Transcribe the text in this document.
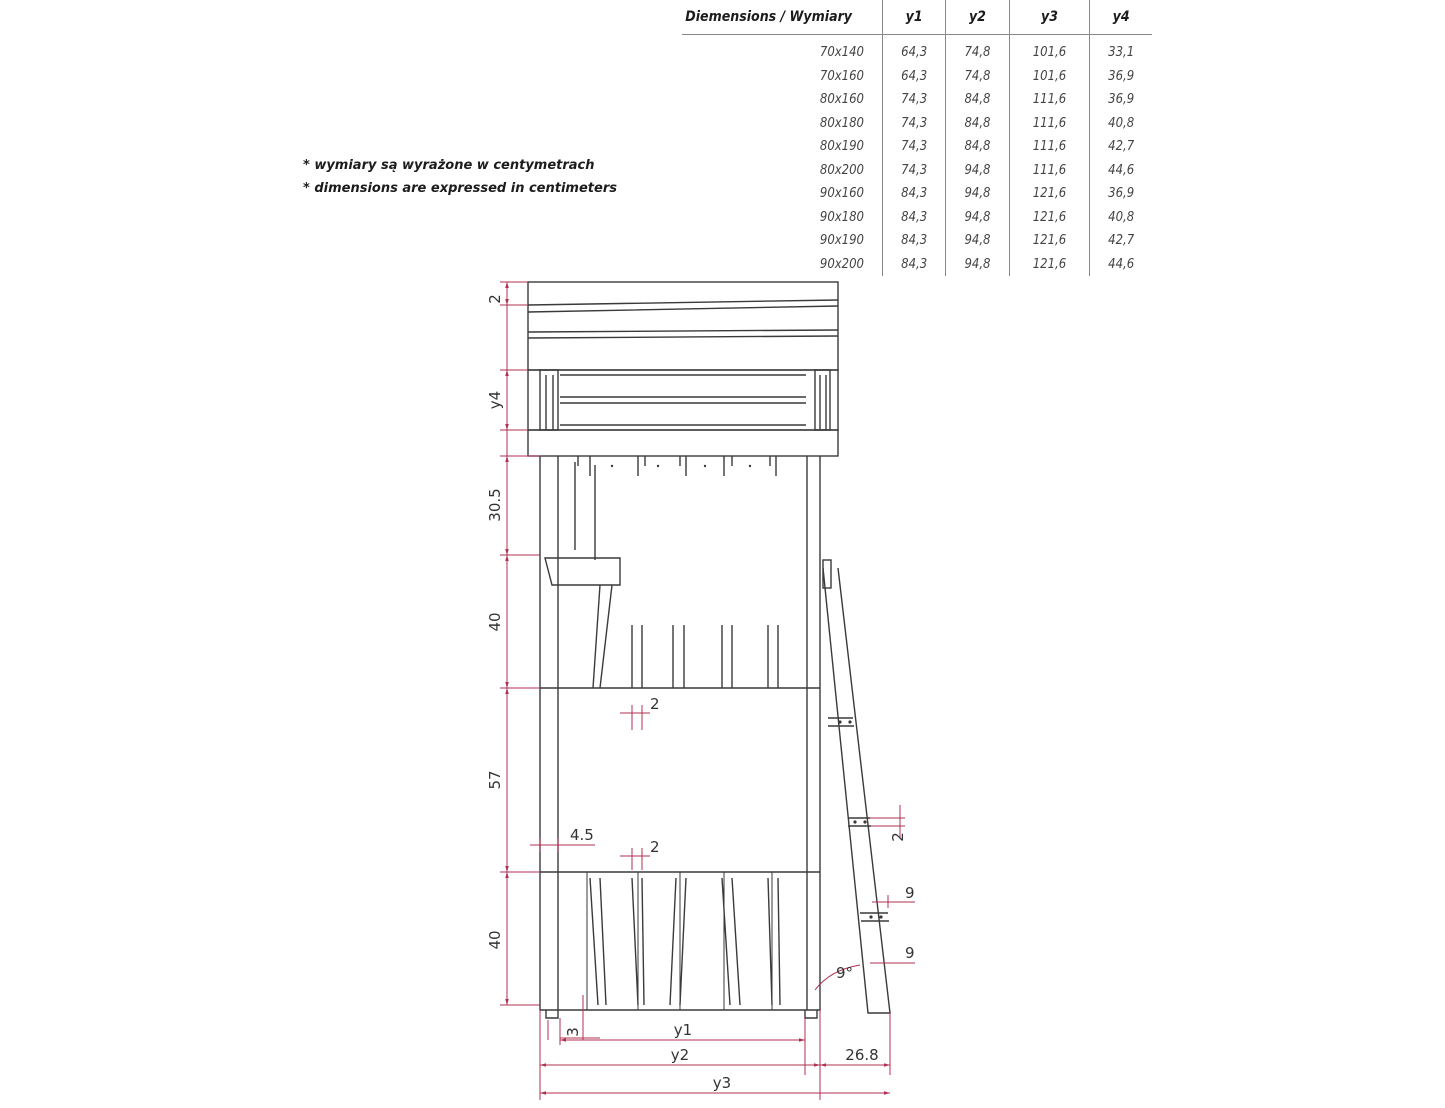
Diemensions / Wymiary	y1	y2	y3	y4
70x140	64,3	74,8	101,6	33,1
70x160	64,3	74,8	101,6	36,9
80x160	74,3	84,8	111,6	36,9
80x180	74,3	84,8	111,6	40,8
80x190	74,3	84,8	111,6	42,7
80x200	74,3	94,8	111,6	44,6
90x160	84,3	94,8	121,6	36,9
90x180	84,3	94,8	121,6	40,8
90x190	84,3	94,8	121,6	42,7
90x200	84,3	94,8	121,6	44,6
* wymiary są wyrażone w centymetrach
* dimensions are expressed in centimeters
2
y4
30.5
40
57
40
2
4.5
2
2
9
9
9°
3	y1
y2	26.8
y3
